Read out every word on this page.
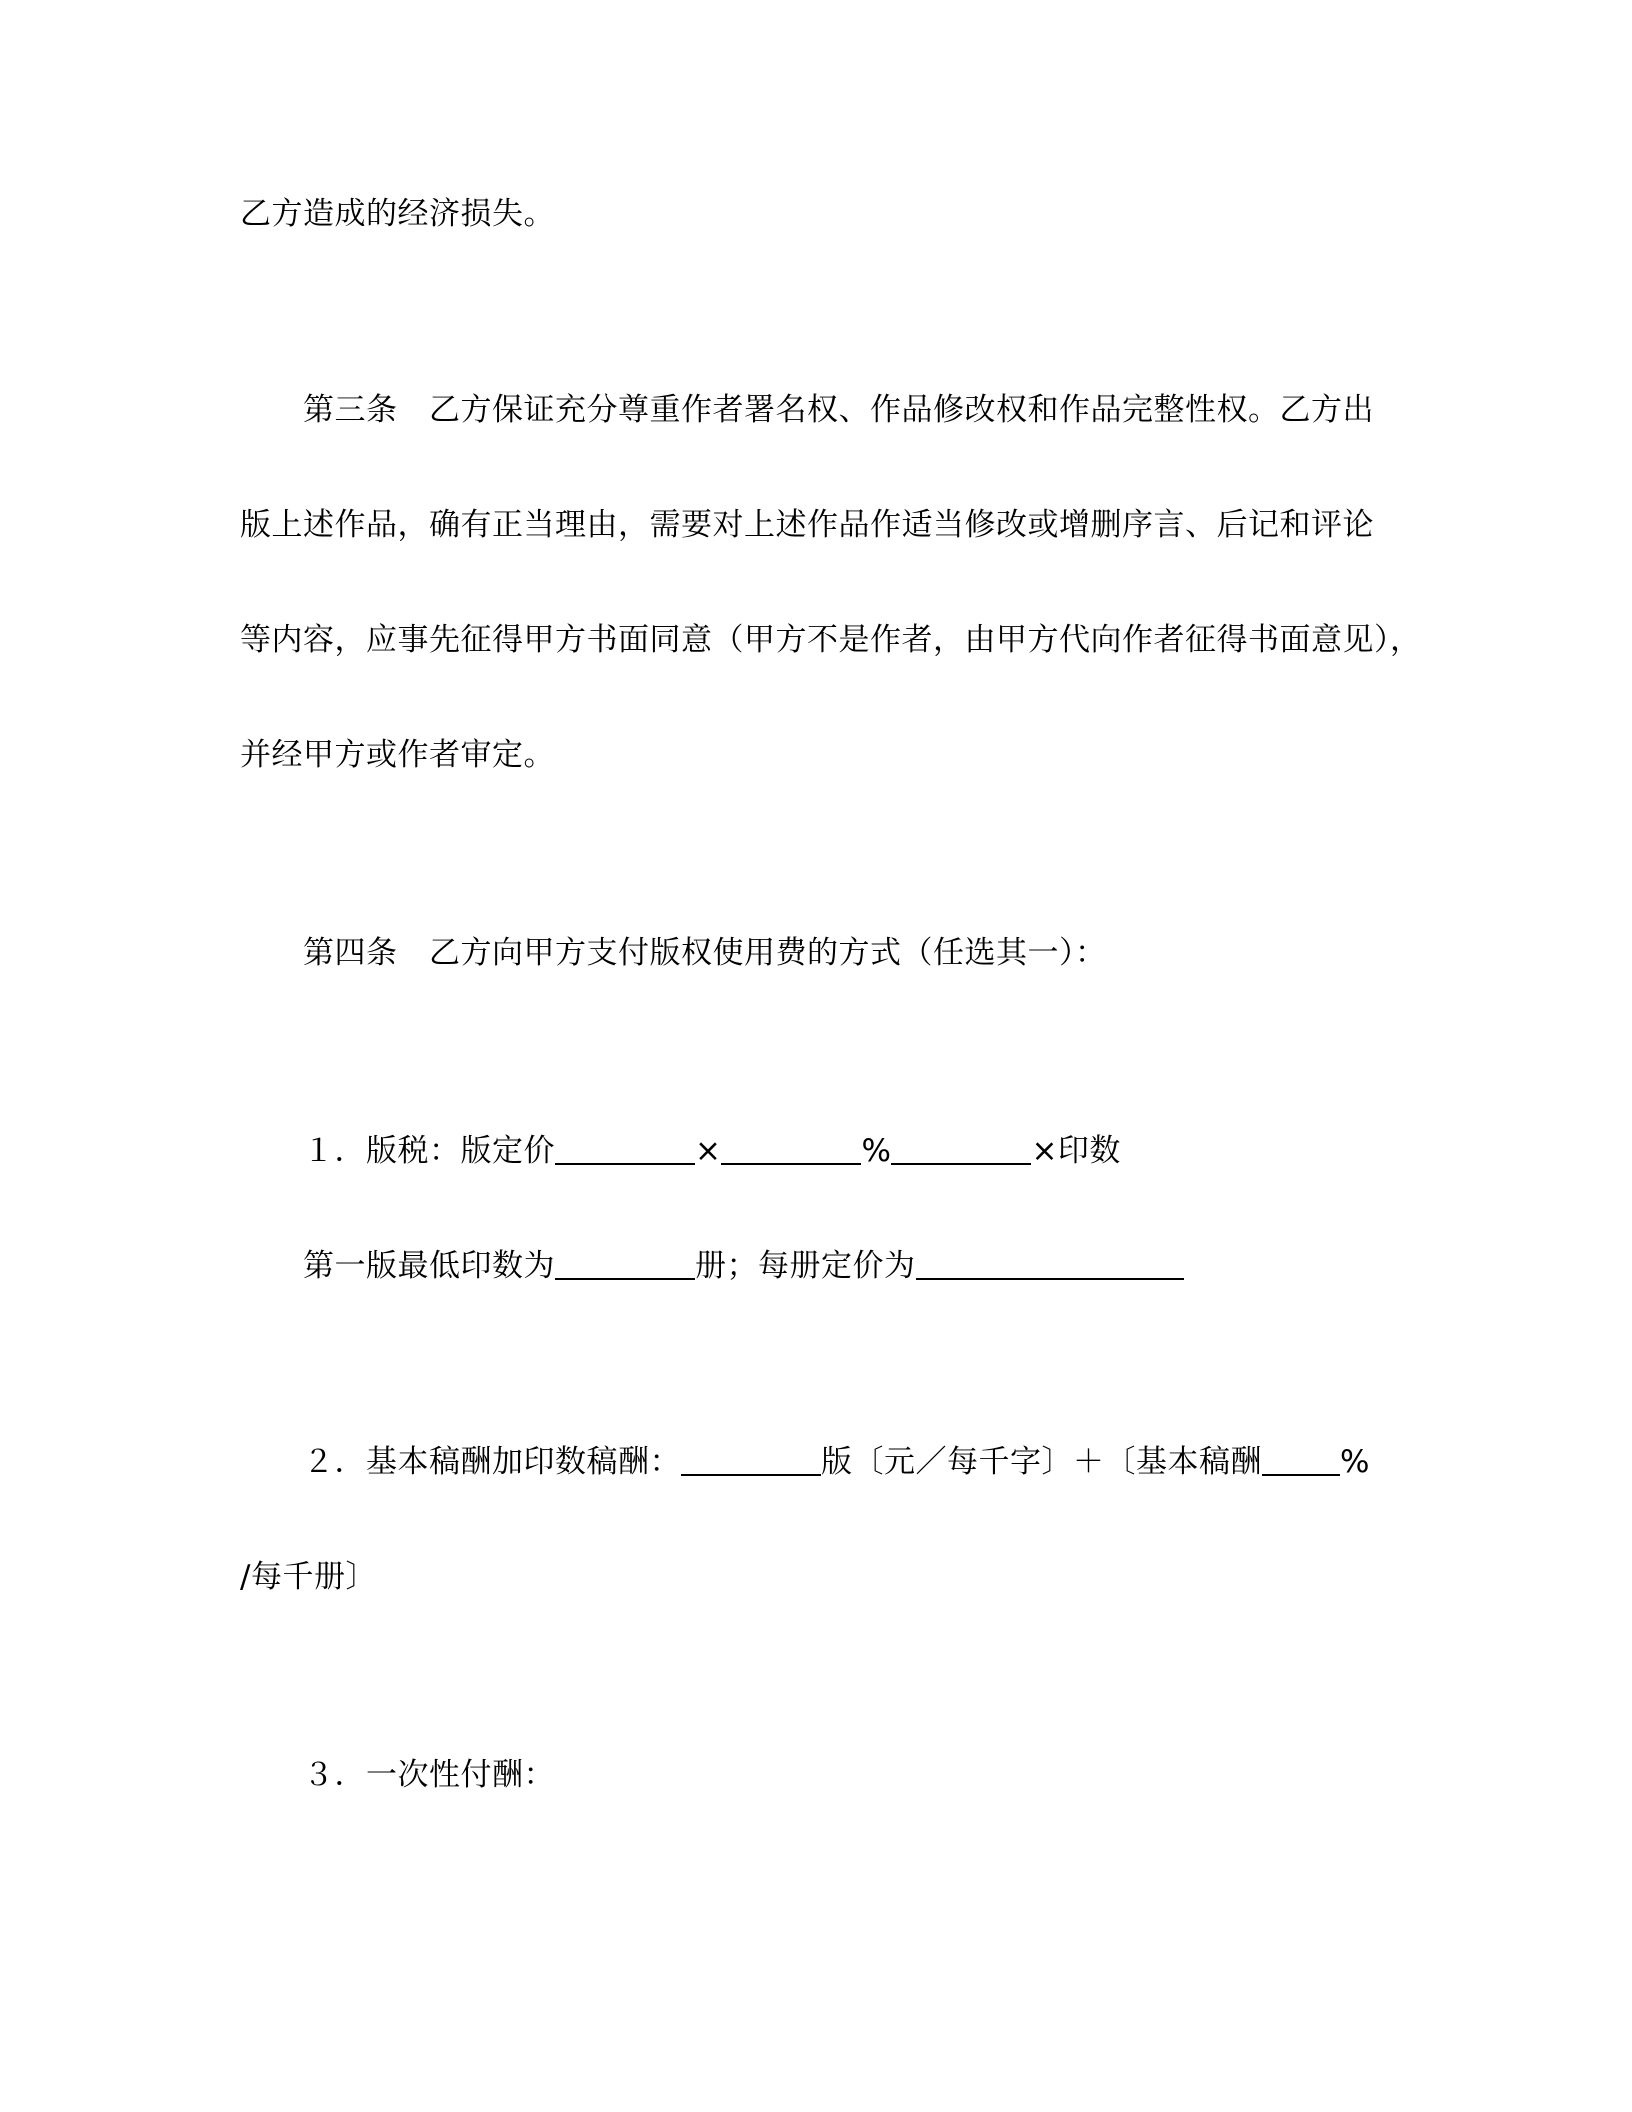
乙方造成的经济损失。
第三条　乙方保证充分尊重作者署名权、作品修改权和作品完整性权。乙方出
版上述作品，确有正当理由，需要对上述作品作适当修改或增删序言、后记和评论
等内容，应事先征得甲方书面同意（甲方不是作者，由甲方代向作者征得书面意见），
并经甲方或作者审定。
第四条　乙方向甲方支付版权使用费的方式（任选其一）：
１．版税：版定价	×	%	×印数
第一版最低印数为	册；每册定价为
２．基本稿酬加印数稿酬：	版〔元／每千字〕＋〔基本稿酬	%
/每千册〕
３．一次性付酬：
